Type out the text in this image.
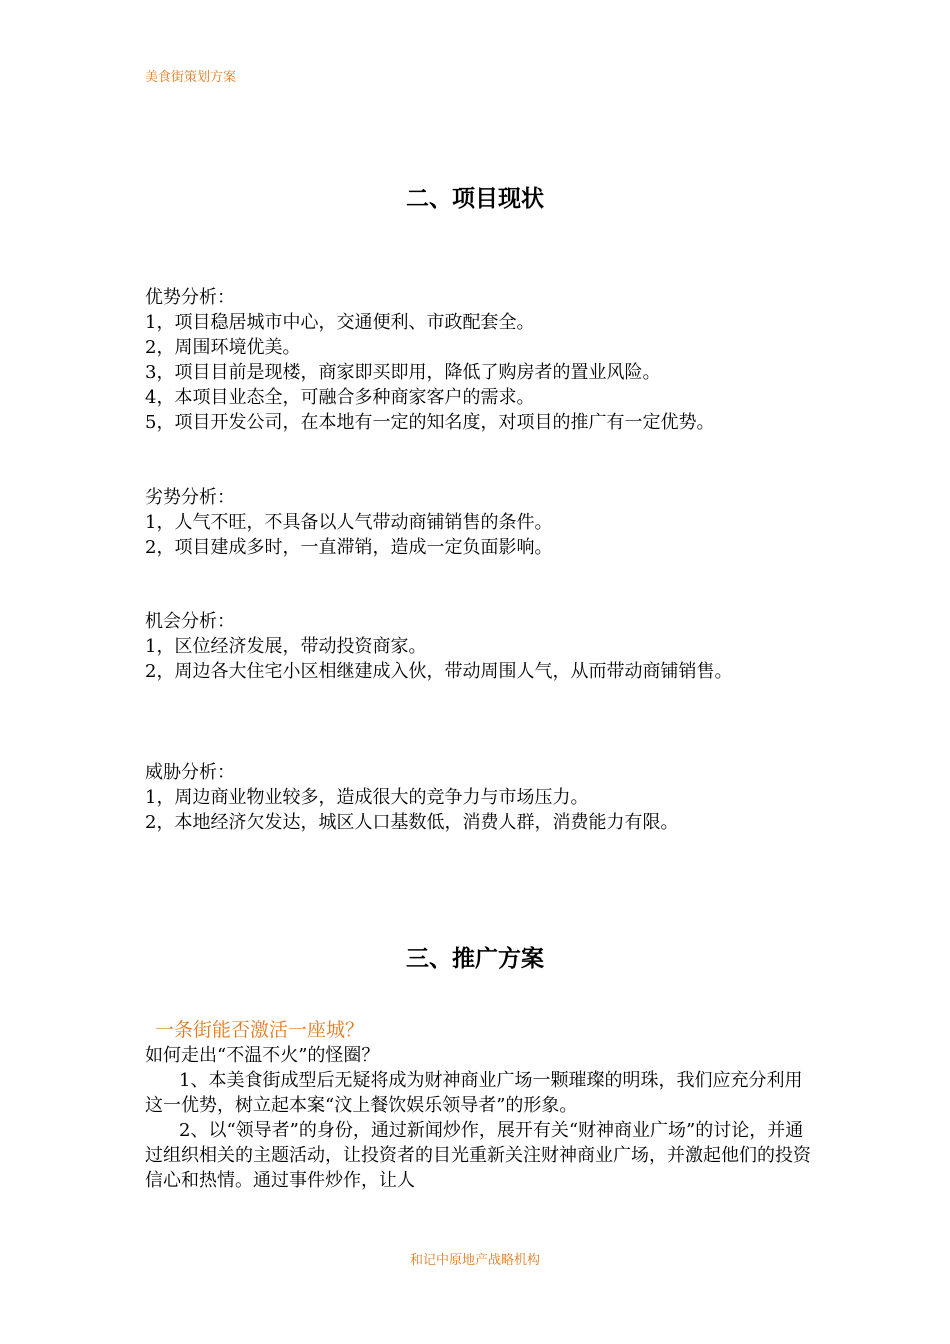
美食街策划方案
二、项目现状

优势分析：

1，项目稳居城市中心，交通便利、市政配套全。

2，周围环境优美。

3，项目目前是现楼，商家即买即用，降低了购房者的置业风险。

4，本项目业态全，可融合多种商家客户的需求。

5，项目开发公司，在本地有一定的知名度，对项目的推广有一定优势。

劣势分析：

1，人气不旺，不具备以人气带动商铺销售的条件。

2，项目建成多时，一直滞销，造成一定负面影响。

机会分析：

1，区位经济发展，带动投资商家。

2，周边各大住宅小区相继建成入伙，带动周围人气，从而带动商铺销售。

威胁分析：

1，周边商业物业较多，造成很大的竞争力与市场压力。

2，本地经济欠发达，城区人口基数低，消费人群，消费能力有限。

三、推广方案

一条街能否激活一座城？

如何走出“不温不火”的怪圈？

1、本美食街成型后无疑将成为财神商业广场一颗璀璨的明珠，我们应充分利用这一优势，树立起本案“汶上餐饮娱乐领导者”的形象。

2、以“领导者”的身份，通过新闻炒作，展开有关“财神商业广场”的讨论，并通过组织相关的主题活动，让投资者的目光重新关注财神商业广场，并激起他们的投资信心和热情。通过事件炒作，让人

和记中原地产战略机构
